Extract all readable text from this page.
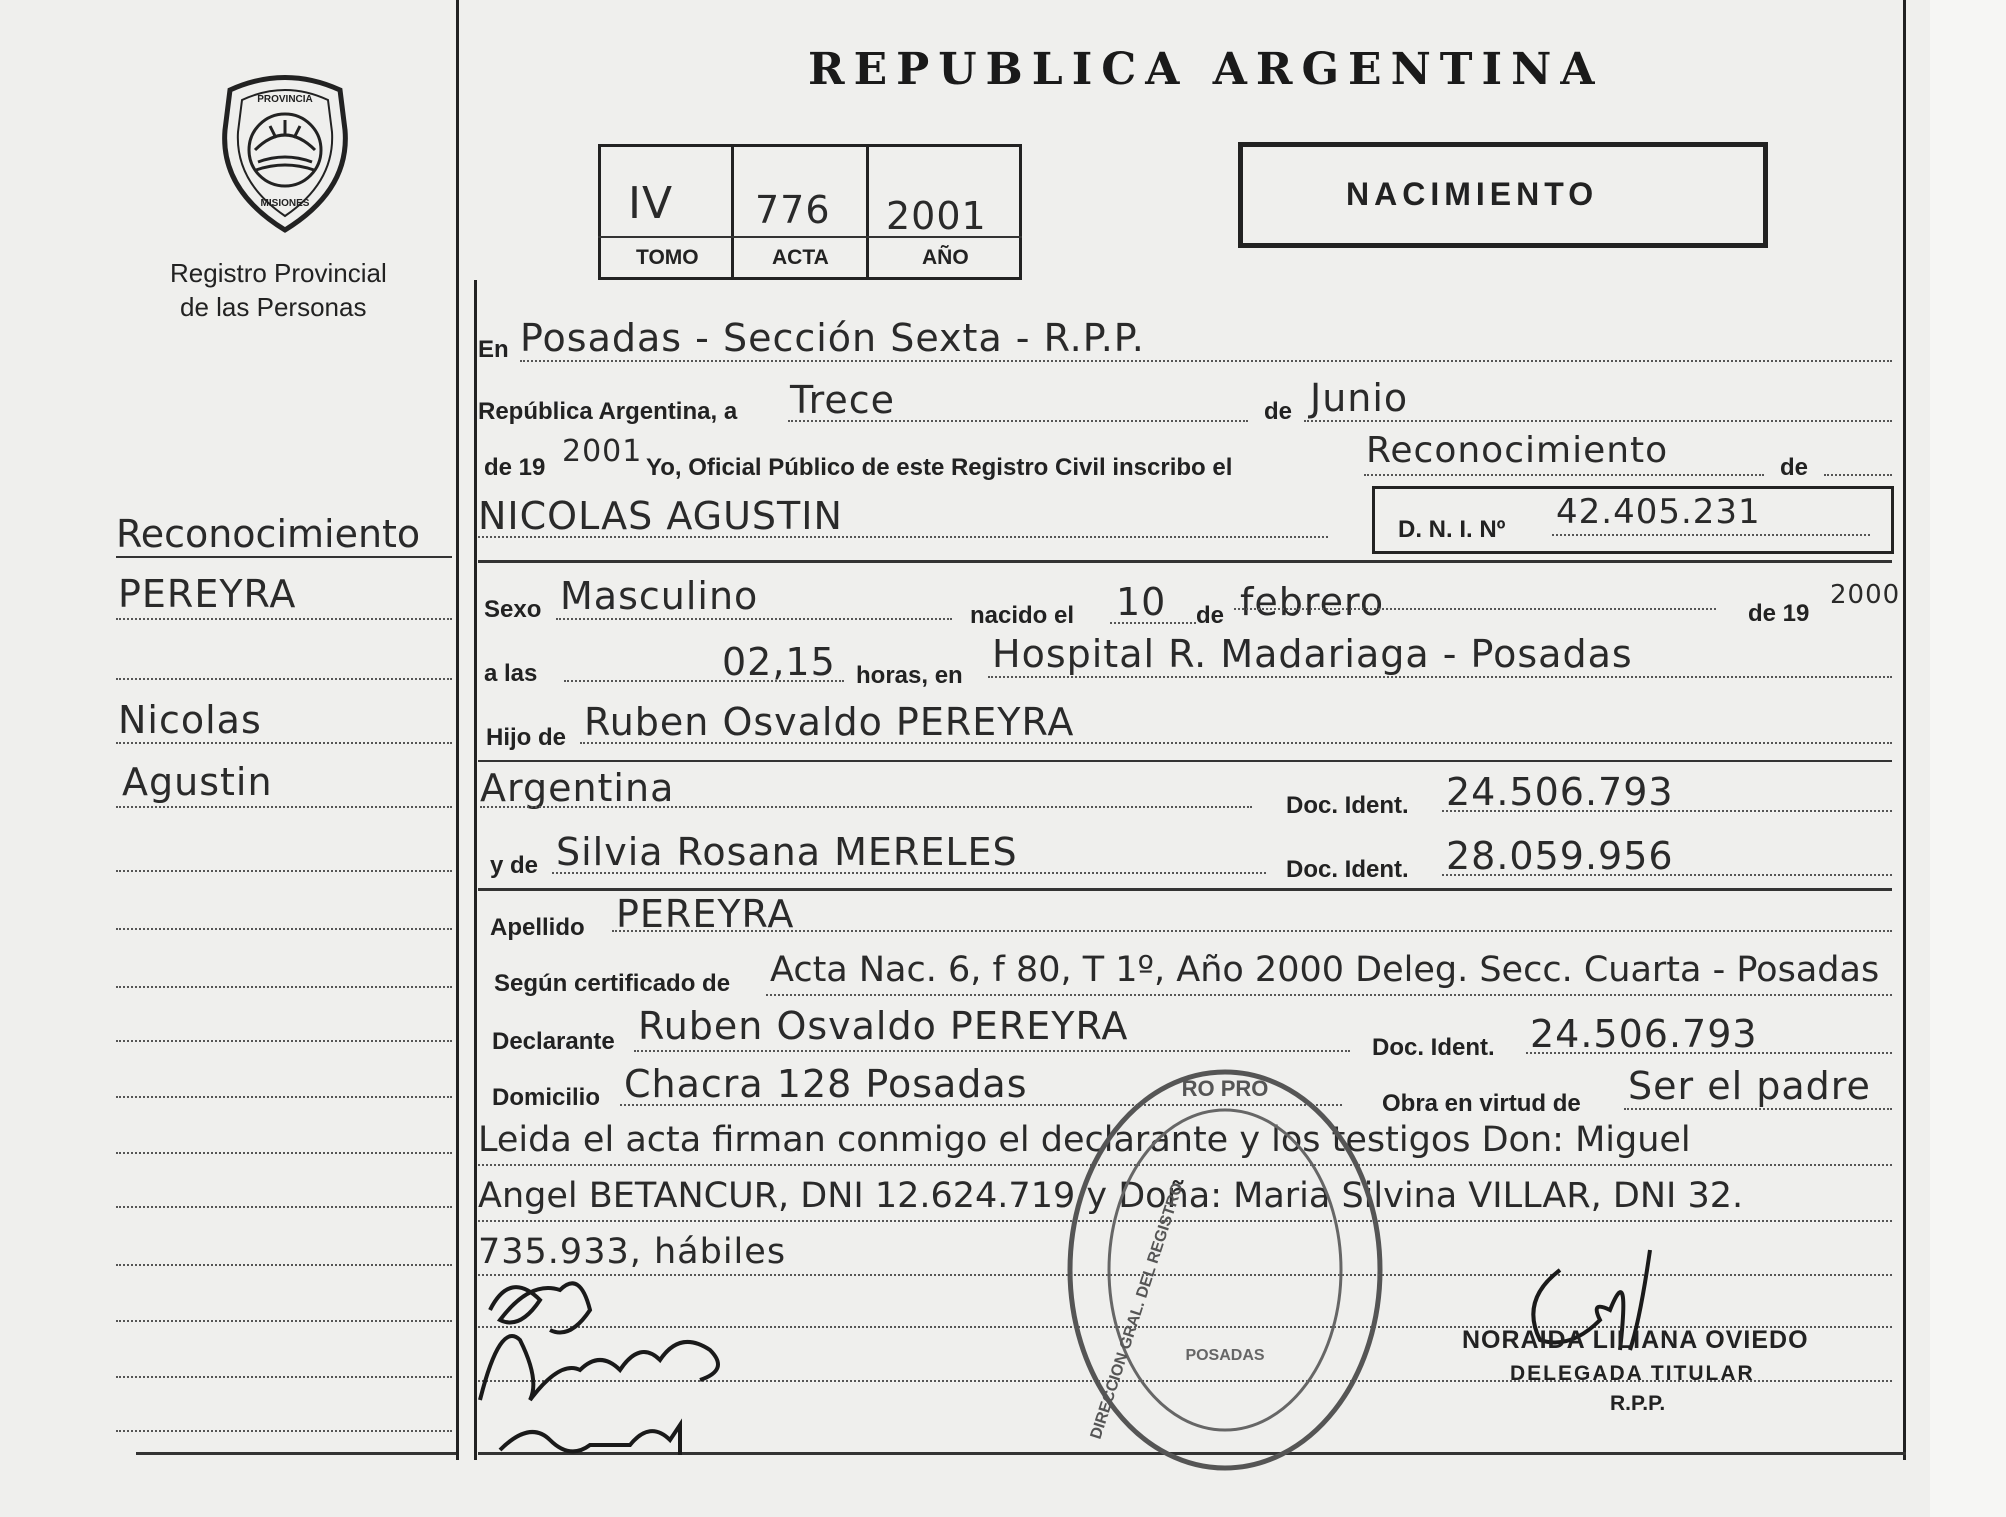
PROVINCIA
MISIONES
Registro Provincial
de las Personas
REPUBLICA ARGENTINA
IV 776 2001
TOMO	ACTA	AÑO
NACIMIENTO
En Posadas - Sección Sexta - R.P.P.
República Argentina, a Trece	de Junio
de 19 2001 Yo, Oficial Público de este Registro Civil inscribo el	Reconocimiento	de
NICOLAS AGUSTIN	D. N. I. Nº 42.405.231
Sexo Masculino	nacido el 10 de febrero	de 19
2000
a las	02,15 horas, en Hospital R. Madariaga - Posadas
Hijo de Ruben Osvaldo PEREYRA
Argentina	Doc. Ident. 24.506.793
y de Silvia Rosana MERELES	Doc. Ident. 28.059.956
Apellido PEREYRA
Según certificado de Acta Nac. 6, f 80, T 1º, Año 2000 Deleg. Secc. Cuarta - Posadas
Declarante Ruben Osvaldo PEREYRA	Doc. Ident. 24.506.793
Domicilio Chacra 128 Posadas	Obra en virtud de Ser el padre
Leida el acta firman conmigo el declarante y los testigos Don: Miguel
Angel BETANCUR, DNI 12.624.719 y Doña: Maria Silvina VILLAR, DNI 32.
735.933, hábiles
RO PRO
POSADAS
DIRECCION GRAL. DEL REGISTRO	NORAIDA LILIANA OVIEDO
DELEGADA TITULAR
R.P.P.
Reconocimiento
PEREYRA
Nicolas
Agustin
